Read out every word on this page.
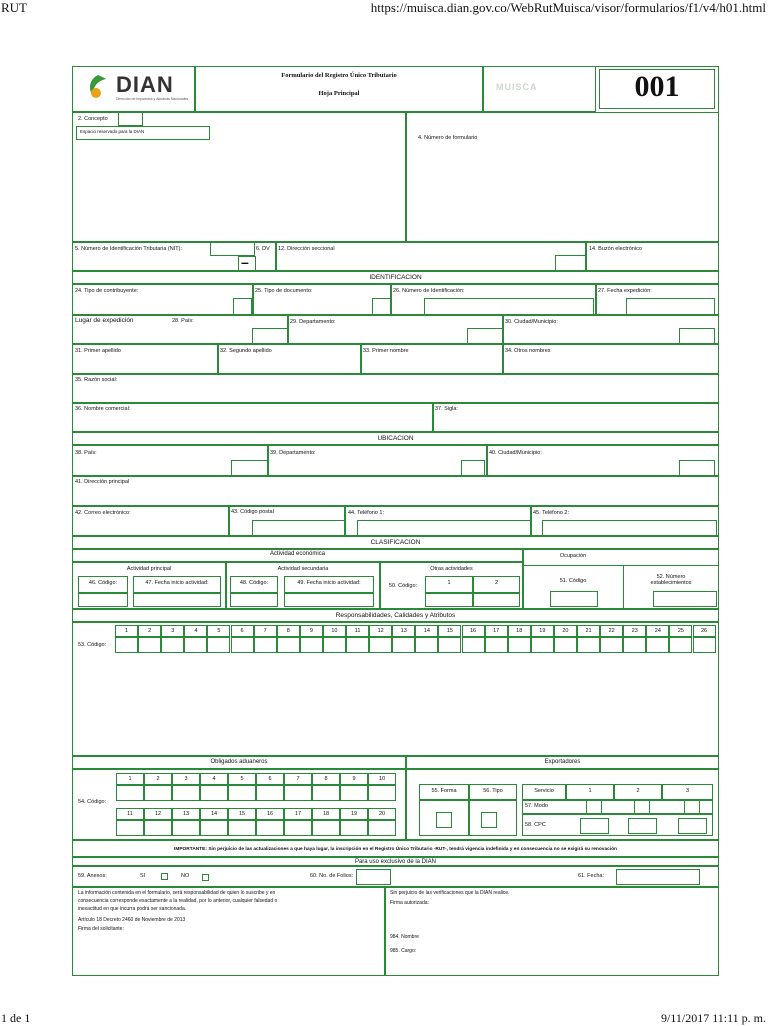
RUT	https://muisca.dian.gov.co/WebRutMuisca/visor/formularios/f1/v4/h01.html
1 de 1	9/11/2017 11:11 p. m.
DIAN
Dirección de Impuestos y Aduanas Nacionales
Formulario del Registro Único Tributario
Hoja Principal
MUISCA	001
2. Concepto
Espacio reservado para la DIAN
4. Número de formulario
5. Número de Identificación Tributaria (NIT):	6. DV
–
12. Dirección seccional	14. Buzón electrónico
IDENTIFICACION
24. Tipo de contribuyente:	25. Tipo de documento:	26. Número de Identificación:	27. Fecha expedición:
Lugar de expedición	28. País:	29. Departamento:	30. Ciudad/Municipio:
31. Primer apellido	32. Segundo apellido	33. Primer nombre	34. Otros nombres
35. Razón social:
36. Nombre comercial:	37. Sigla:
UBICACION
38. País:	39. Departamento:	40. Ciudad/Municipio:
41. Dirección principal
42. Correo electrónico:	43. Código postal	44. Teléfono 1:	45. Teléfono 2:
CLASIFICACION
Actividad económica	Ocupación
51. Código
52. Número
establecimientos
Actividad principal
46. Código:	47. Fecha inicio actividad:
Actividad secundaria
48. Código:	49. Fecha inicio actividad:
Otras actividades
50. Código:	1	2
Responsabilidades, Calidades y Atributos
53. Código:
1	2	3	4	5	6	7	8	9	10	11	12	13	14	15	16	17	18	19	20	21	22	23	24	25	26
Obligados aduaneros
54. Código:
1	2	3	4	5	6	7	8	9	10
11	12	13	14	15	16	17	18	19	20
Exportadores
55. Forma	56. Tipo	Servicio	1	2	3
57. Modo
58. CPC
IMPORTANTE: Sin perjuicio de las actualizaciones a que haya lugar, la inscripción en el Registro Único Tributario -RUT-, tendrá vigencia indefinida y en consecuencia no se exigirá su renovación
Para uso exclusivo de la DIAN
59. Anexos:	SI	NO	60. No. de Folios:	61. Fecha:
La información contenida en el formulario, será responsabilidad de quien lo suscribe y en
consecuencia corresponde exactamente a la realidad, por lo anterior, cualquier falsedad o
inexactitud en que incurra podrá ser sancionada.
Artículo 18 Decreto 2460 de Noviembre de 2013
Firma del solicitante:
Sin perjuicio de las verificaciones que la DIAN realice.
Firma autorizada:
984. Nombre
985. Cargo:
